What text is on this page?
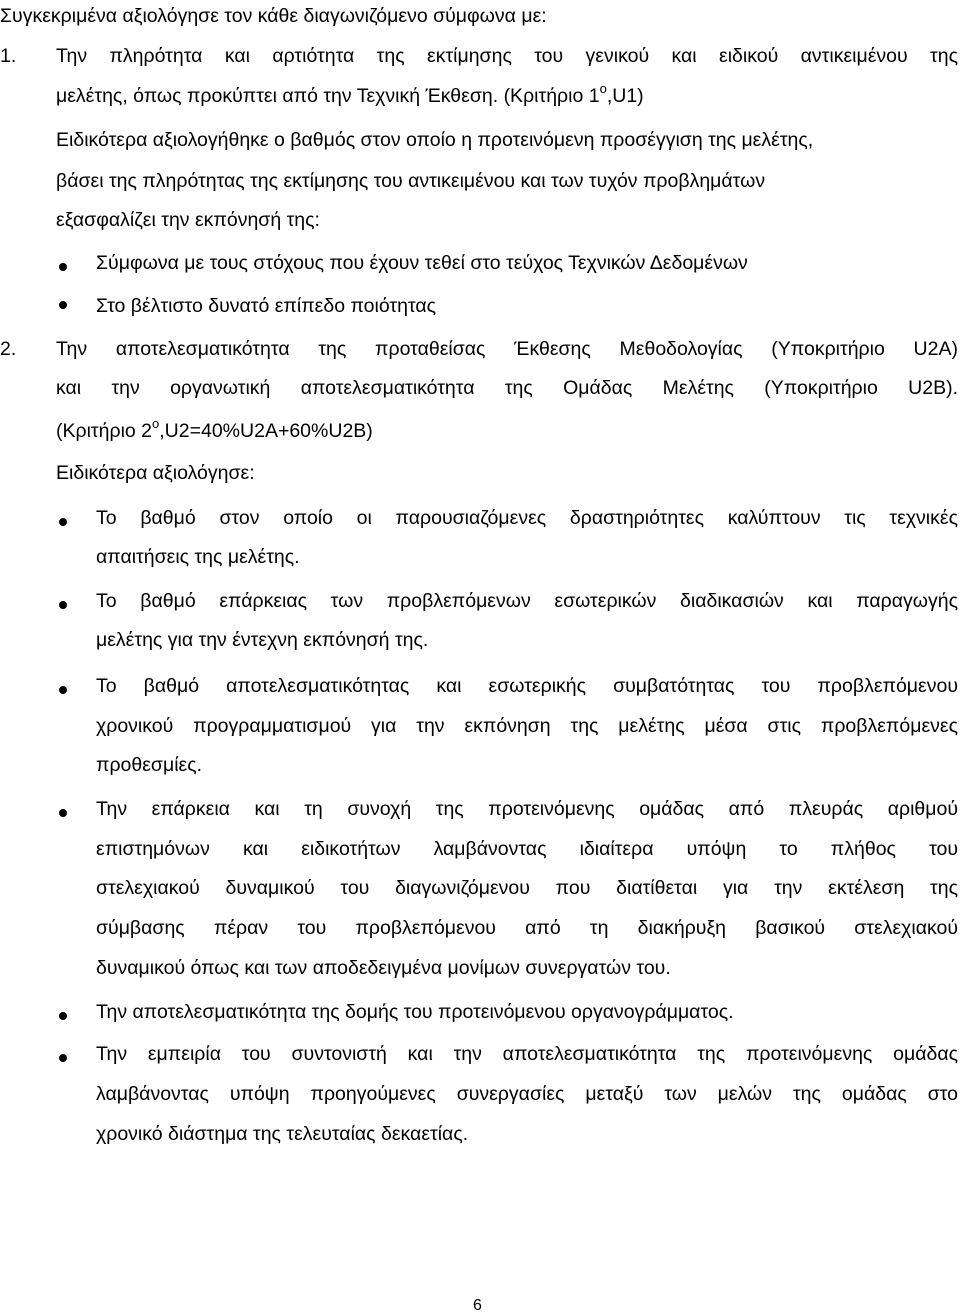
Συγκεκριμένα αξιολόγησε τον κάθε διαγωνιζόμενο σύμφωνα με:
1. Την πληρότητα και αρτιότητα της εκτίμησης του γενικού και ειδικού αντικειμένου της
μελέτης, όπως προκύπτει από την Τεχνική Έκθεση. (Κριτήριο $1^o,U1$)
Ειδικότερα αξιολογήθηκε ο βαθμός στον οποίο η προτεινόμενη προσέγγιση της μελέτης,
βάσει της πληρότητας της εκτίμησης του αντικειμένου και των τυχόν προβλημάτων
εξασφαλίζει την εκπόνησή της:
Σύμφωνα με τους στόχους που έχουν τεθεί στο τεύχος Τεχνικών Δεδομένων
Στο βέλτιστο δυνατό επίπεδο ποιότητας
2. Την αποτελεσματικότητα της προταθείσας Έκθεσης Μεθοδολογίας (Υποκριτήριο U2A)
και την οργανωτική αποτελεσματικότητα της Ομάδας Μελέτης (Υποκριτήριο U2B).
(Κριτήριο $2^o,U2=40\%U2A+60\%U2B$)
Ειδικότερα αξιολόγησε:
Το βαθμό στον οποίο οι παρουσιαζόμενες δραστηριότητες καλύπτουν τις τεχνικές
απαιτήσεις της μελέτης.
Το βαθμό επάρκειας των προβλεπόμενων εσωτερικών διαδικασιών και παραγωγής
μελέτης για την έντεχνη εκπόνησή της.
Το βαθμό αποτελεσματικότητας και εσωτερικής συμβατότητας του προβλεπόμενου
χρονικού προγραμματισμού για την εκπόνηση της μελέτης μέσα στις προβλεπόμενες
προθεσμίες.
Την επάρκεια και τη συνοχή της προτεινόμενης ομάδας από πλευράς αριθμού
επιστημόνων και ειδικοτήτων λαμβάνοντας ιδιαίτερα υπόψη το πλήθος του
στελεχιακού δυναμικού του διαγωνιζόμενου που διατίθεται για την εκτέλεση της
σύμβασης πέραν του προβλεπόμενου από τη διακήρυξη βασικού στελεχιακού
δυναμικού όπως και των αποδεδειγμένα μονίμων συνεργατών του.
Την αποτελεσματικότητα της δομής του προτεινόμενου οργανογράμματος.
Την εμπειρία του συντονιστή και την αποτελεσματικότητα της προτεινόμενης ομάδας
λαμβάνοντας υπόψη προηγούμενες συνεργασίες μεταξύ των μελών της ομάδας στο
χρονικό διάστημα της τελευταίας δεκαετίας.
6
